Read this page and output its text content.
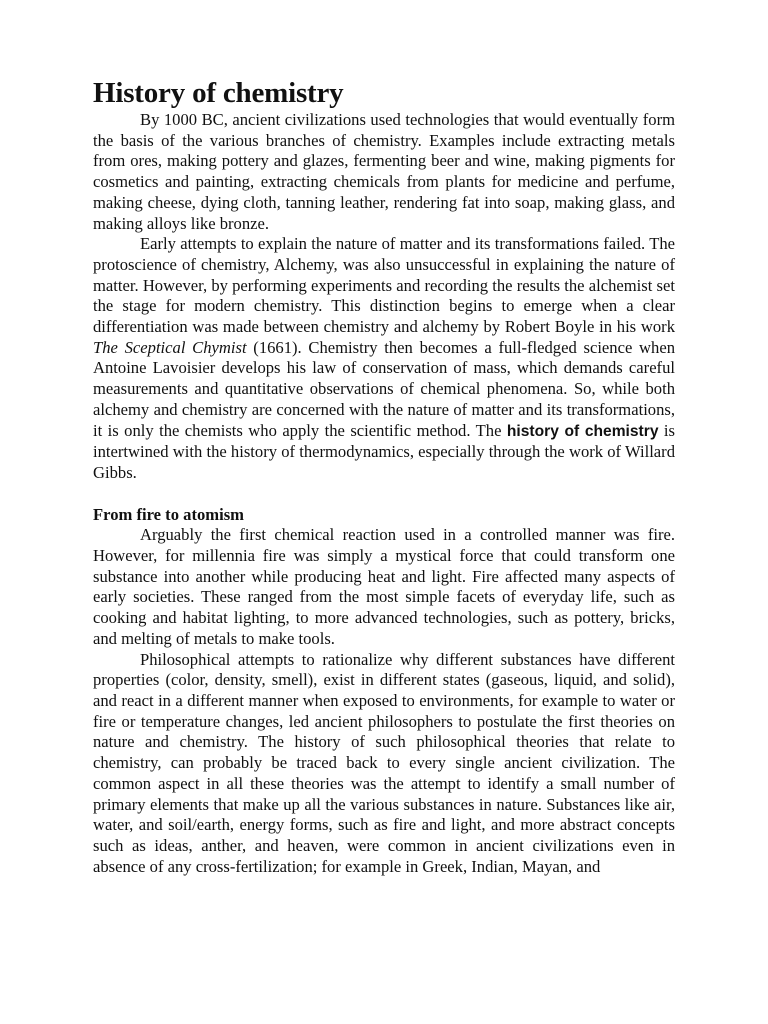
History of chemistry

By 1000 BC, ancient civilizations used technologies that would eventually form the basis of the various branches of chemistry. Examples include extracting metals from ores, making pottery and glazes, fermenting beer and wine, making pigments for cosmetics and painting, extracting chemicals from plants for medicine and perfume, making cheese, dying cloth, tanning leather, rendering fat into soap, making glass, and making alloys like bronze.

Early attempts to explain the nature of matter and its transformations failed. The protoscience of chemistry, Alchemy, was also unsuccessful in explaining the nature of matter. However, by performing experiments and recording the results the alchemist set the stage for modern chemistry. This distinction begins to emerge when a clear differentiation was made between chemistry and alchemy by Robert Boyle in his work The Sceptical Chymist (1661). Chemistry then becomes a full-fledged science when Antoine Lavoisier develops his law of conservation of mass, which demands careful measurements and quantitative observations of chemical phenomena. So, while both alchemy and chemistry are concerned with the nature of matter and its transformations, it is only the chemists who apply the scientific method. The history of chemistry is intertwined with the history of thermodynamics, especially through the work of Willard Gibbs.

From fire to atomism

Arguably the first chemical reaction used in a controlled manner was fire. However, for millennia fire was simply a mystical force that could transform one substance into another while producing heat and light. Fire affected many aspects of early societies. These ranged from the most simple facets of everyday life, such as cooking and habitat lighting, to more advanced technologies, such as pottery, bricks, and melting of metals to make tools.

Philosophical attempts to rationalize why different substances have different properties (color, density, smell), exist in different states (gaseous, liquid, and solid), and react in a different manner when exposed to environments, for example to water or fire or temperature changes, led ancient philosophers to postulate the first theories on nature and chemistry. The history of such philosophical theories that relate to chemistry, can probably be traced back to every single ancient civilization. The common aspect in all these theories was the attempt to identify a small number of primary elements that make up all the various substances in nature. Substances like air, water, and soil/earth, energy forms, such as fire and light, and more abstract concepts such as ideas, anther, and heaven, were common in ancient civilizations even in absence of any cross-fertilization; for example in Greek, Indian, Mayan, and
